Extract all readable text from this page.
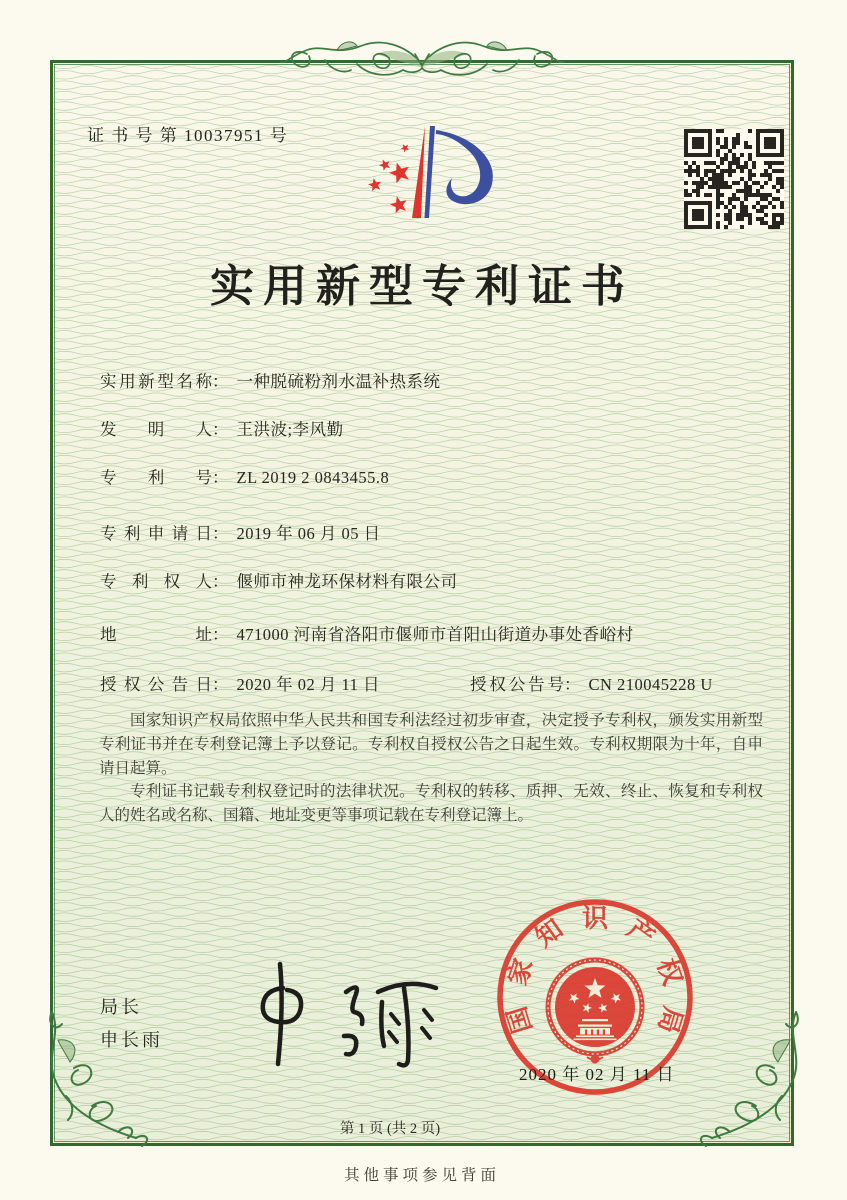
证 书 号 第 10037951 号
实用新型专利证书
实用新型名称： 一种脱硫粉剂水温补热系统
发明人： 王洪波;李风勤
专利号： ZL 2019 2 0843455.8
专利申请日： 2019 年 06 月 05 日
专利权人： 偃师市神龙环保材料有限公司
地址： 471000 河南省洛阳市偃师市首阳山街道办事处香峪村
授权公告日： 2020 年 02 月 11 日	授权公告号： CN 210045228 U

国家知识产权局依照中华人民共和国专利法经过初步审查，决定授予专利权，颁发实用新型专利证书并在专利登记簿上予以登记。专利权自授权公告之日起生效。专利权期限为十年，自申请日起算。

专利证书记载专利权登记时的法律状况。专利权的转移、质押、无效、终止、恢复和专利权人的姓名或名称、国籍、地址变更等事项记载在专利登记簿上。

局长
申长雨
国
家
知 识 产
权
局
2020 年 02 月 11 日
第 1 页 (共 2 页)
其他事项参见背面
